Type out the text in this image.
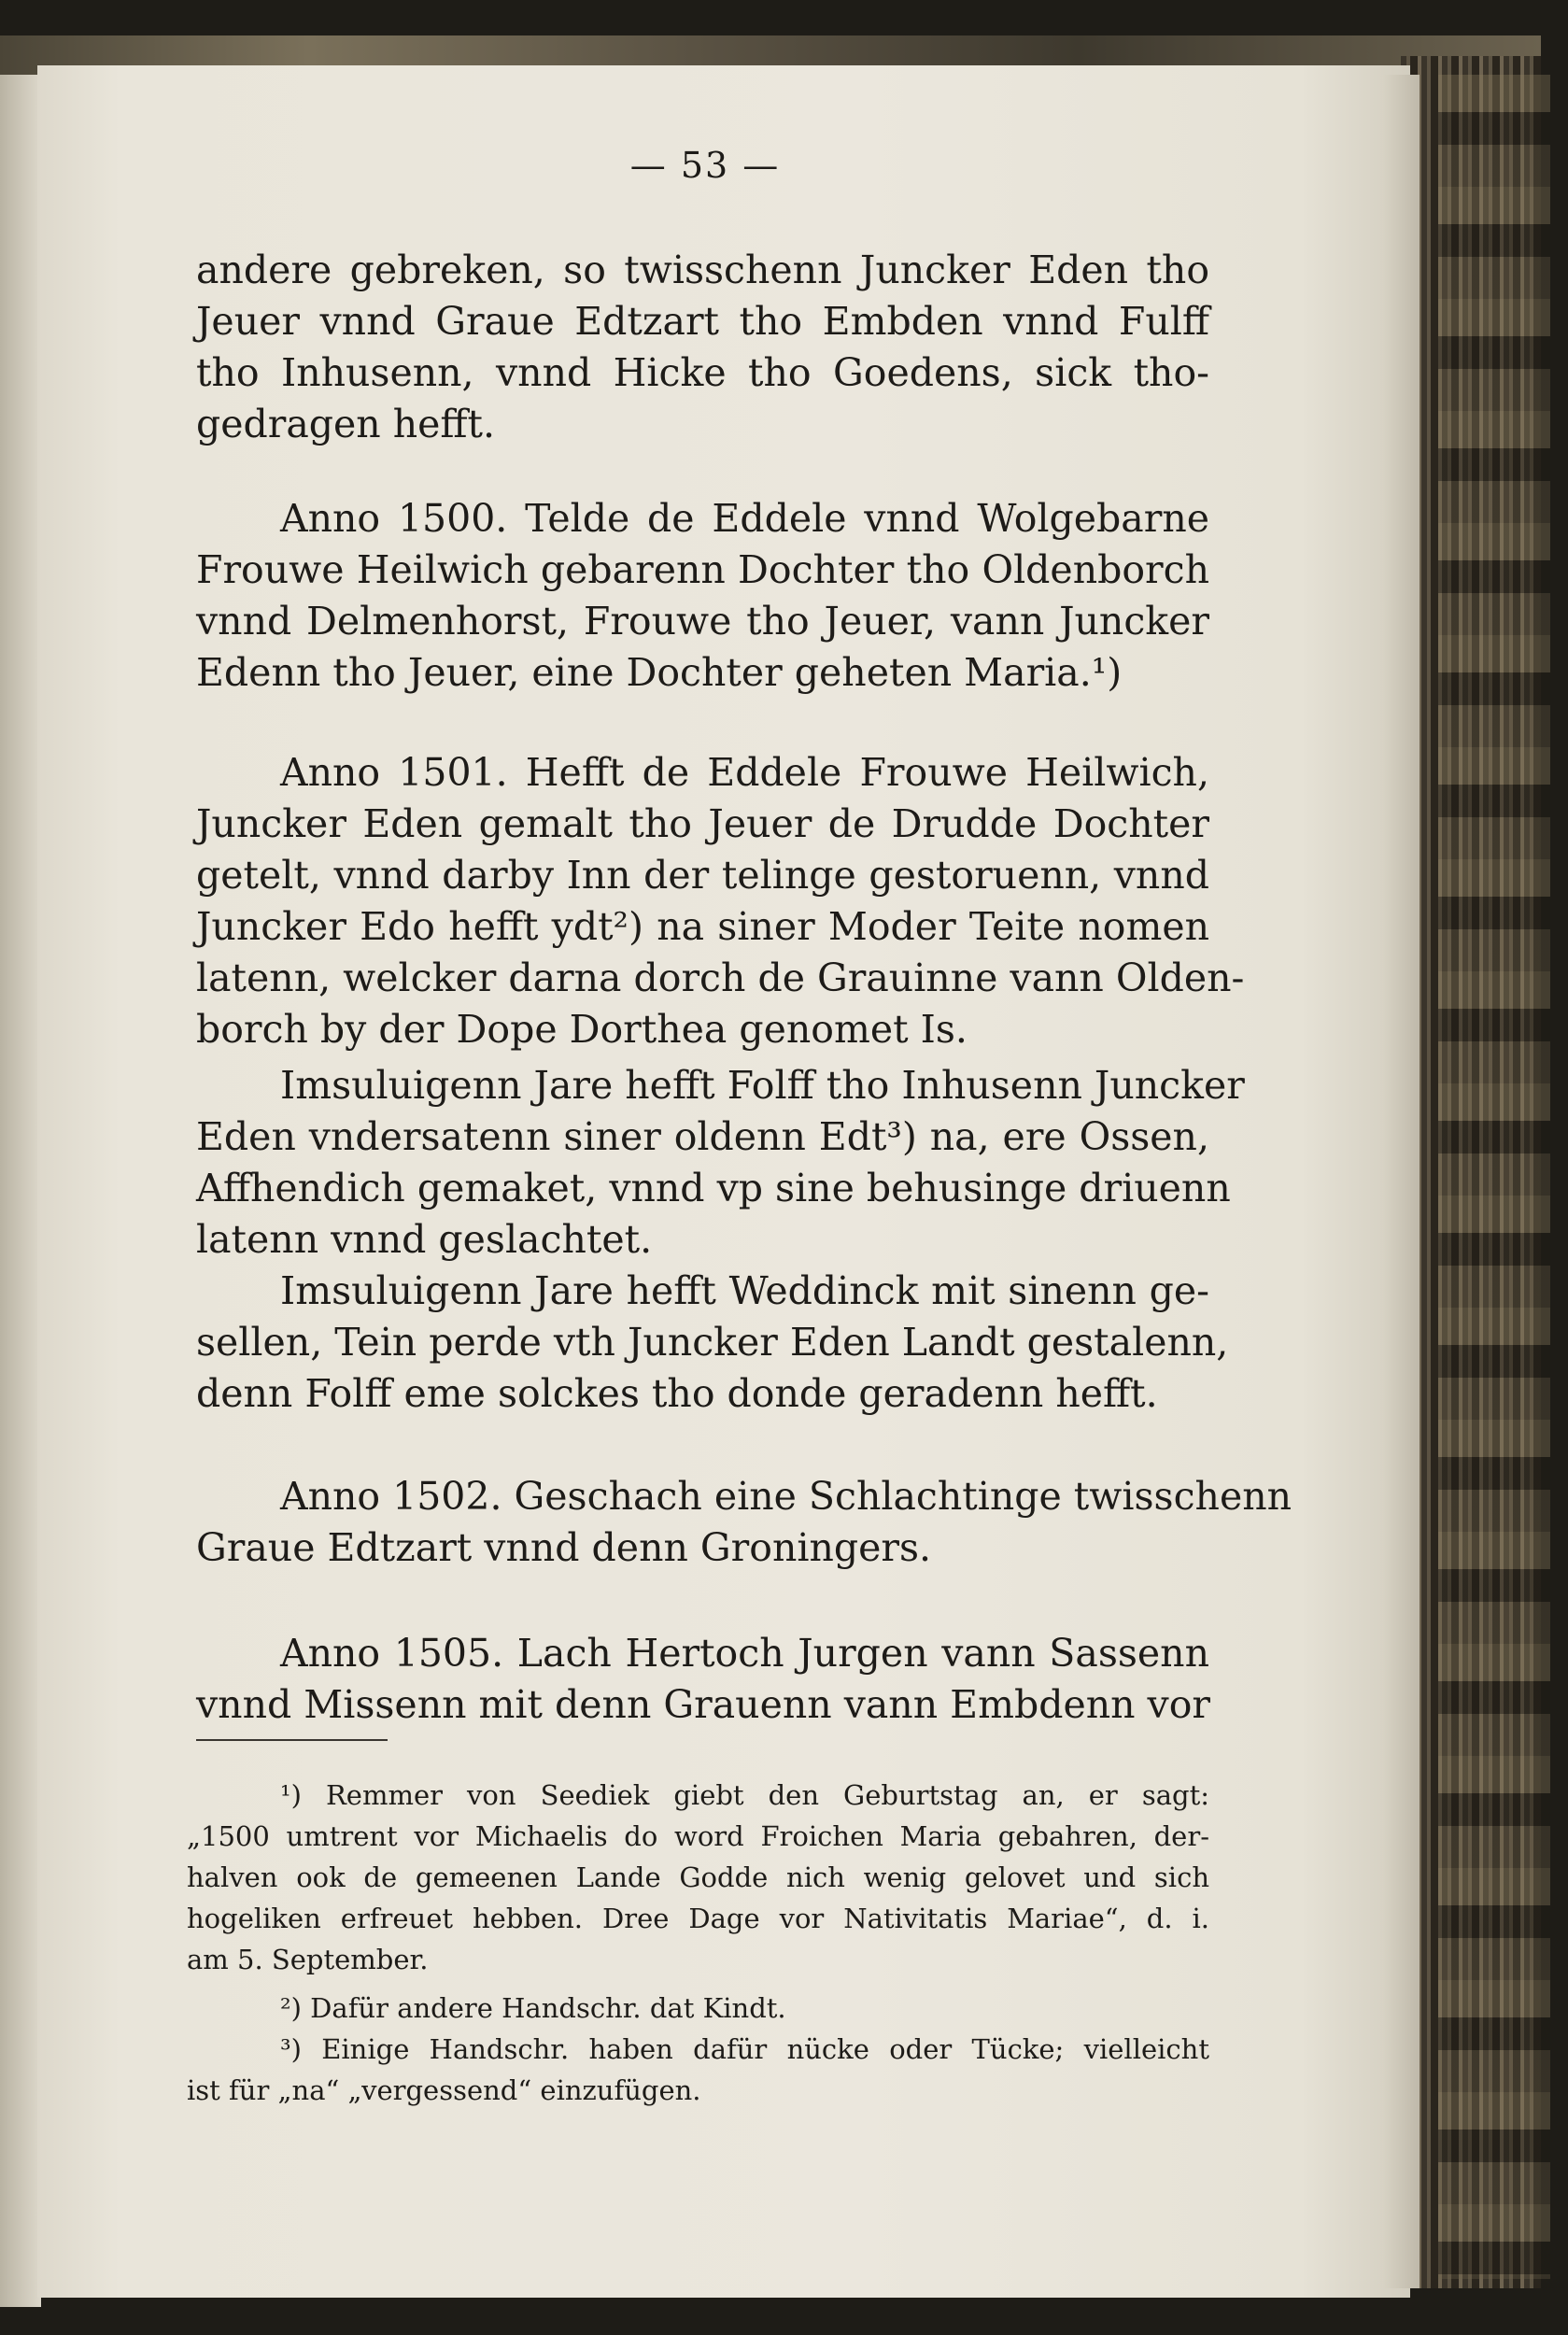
— 53 —
andere gebreken, so twisschenn Juncker Eden tho
Jeuer vnnd Graue Edtzart tho Embden vnnd Fulff
tho Inhusenn, vnnd Hicke tho Goedens, sick tho-
gedragen hefft.
Anno 1500. Telde de Eddele vnnd Wolgebarne
Frouwe Heilwich gebarenn Dochter tho Oldenborch
vnnd Delmenhorst, Frouwe tho Jeuer, vann Juncker
Edenn tho Jeuer, eine Dochter geheten Maria.¹)
Anno 1501. Hefft de Eddele Frouwe Heilwich,
Juncker Eden gemalt tho Jeuer de Drudde Dochter
getelt, vnnd darby Inn der telinge gestoruenn, vnnd
Juncker Edo hefft ydt²) na siner Moder Teite nomen
latenn, welcker darna dorch de Grauinne vann Olden-
borch by der Dope Dorthea genomet Is.
Imsuluigenn Jare hefft Folff tho Inhusenn Juncker
Eden vndersatenn siner oldenn Edt³) na, ere Ossen,
Affhendich gemaket, vnnd vp sine behusinge driuenn
latenn vnnd geslachtet.
Imsuluigenn Jare hefft Weddinck mit sinenn ge-
sellen, Tein perde vth Juncker Eden Landt gestalenn,
denn Folff eme solckes tho donde geradenn hefft.
Anno 1502. Geschach eine Schlachtinge twisschenn
Graue Edtzart vnnd denn Groningers.
Anno 1505. Lach Hertoch Jurgen vann Sassenn
vnnd Missenn mit denn Grauenn vann Embdenn vor
¹) Remmer von Seediek giebt den Geburtstag an, er sagt:
„1500 umtrent vor Michaelis do word Froichen Maria gebahren, der-
halven ook de gemeenen Lande Godde nich wenig gelovet und sich
hogeliken erfreuet hebben. Dree Dage vor Nativitatis Mariae“, d. i.
am 5. September.
²) Dafür andere Handschr. dat Kindt.
³) Einige Handschr. haben dafür nücke oder Tücke; vielleicht
ist für „na“ „vergessend“ einzufügen.
